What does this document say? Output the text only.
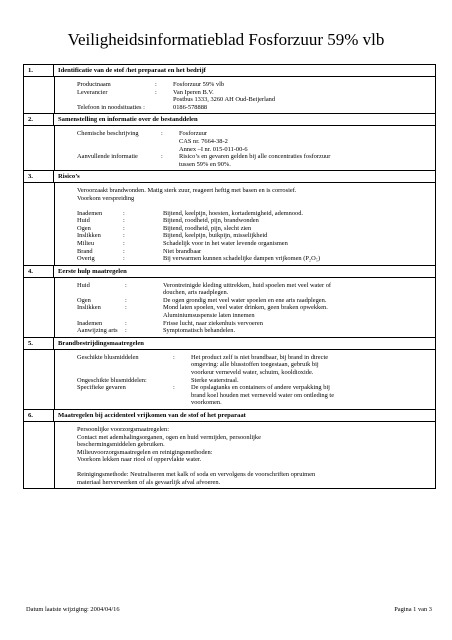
Veiligheidsinformatieblad Fosforzuur 59% vlb
1.	Identificatie van de stof /het preparaat en het bedrijf
Productnaam	:	Fosforzuur 59% vlb
Leverancier	:	Van Iperen B.V.
Postbus 1333, 3260 AH Oud-Beijerland
Telefoon in noodsituaties :	0186-578888
2.	Samenstelling en informatie over de bestanddelen
Chemische beschrijving	:	Fosforzuur
CAS nr. 7664-38-2
Annex –I nr. 015-011-00-6
Aanvullende informatie	:	Risico’s en gevaren gelden bij alle concentraties fosforzuur
tussen 59% en 90%.
3.	Risico’s
Veroorzaakt brandwonden. Matig sterk zuur, reageert heftig met basen en is corrosief.
Voorkom verspreiding
Inademen	:	Bijtend, keelpijn, hoesten, kortademigheid, ademnood.
Huid	:	Bijtend, roodheid, pijn, brandwonden
Ogen	:	Bijtend, roodheid, pijn, slecht zien
Inslikken	:	Bijtend, keelpijn, buikpijn, misselijkheid
Milieu	:	Schadelijk voor in het water levende organismen
Brand	:	Niet brandbaar
Overig	:	Bij verwarmen kunnen schadelijke dampen vrijkomen (P₂O₅)
4.	Eerste hulp maatregelen
Huid	:	Verontreinigde kleding uittrekken, huid spoelen met veel water of
douchen, arts raadplegen.
Ogen	:	De ogen grondig met veel water spoelen en ene arts raadplegen.
Inslikken	:	Mond laten spoelen, veel water drinken, geen braken opwekken.
Aluminiumsuspensie laten innemen
Inademen	:	Frisse lucht, naar ziekenhuis vervoeren
Aanwijzing arts	:	Symptomatisch behandelen.
5.	Brandbestrijdingsmaatregelen
Geschikte blusmiddelen	:	Het product zelf is niet brandbaar, bij brand in directe
omgeving: alle blusstoffen toegestaan, gebruik bij
voorkeur verneveld water, schuim, kooldioxide.
Ongeschikte blusmiddelen:	Sterke waterstraal.
Specifieke gevaren	:	De opslagtanks en containers of andere verpakking bij
brand koel houden met verneveld water om ontleding te
voorkomen.
6.	Maatregelen bij accidenteel vrijkomen van de stof of het preparaat
Persoonlijke voorzorgsmaatregelen:
Contact met ademhalingsorganen, ogen en huid vermijden, persoonlijke
beschermingsmiddelen gebruiken.
Milieuvoorzorgsmaatregelen en reinigingsmethoden:
Voorkom lekken naar riool of oppervlakte water.
Reinigingsmethode: Neutraliseren met kalk of soda en vervolgens de voorschriften opruimen
materiaal herverwerken of als gevaarlijk afval afvoeren.
Datum laatste wijziging: 2004/04/16	Pagina 1 van 3
